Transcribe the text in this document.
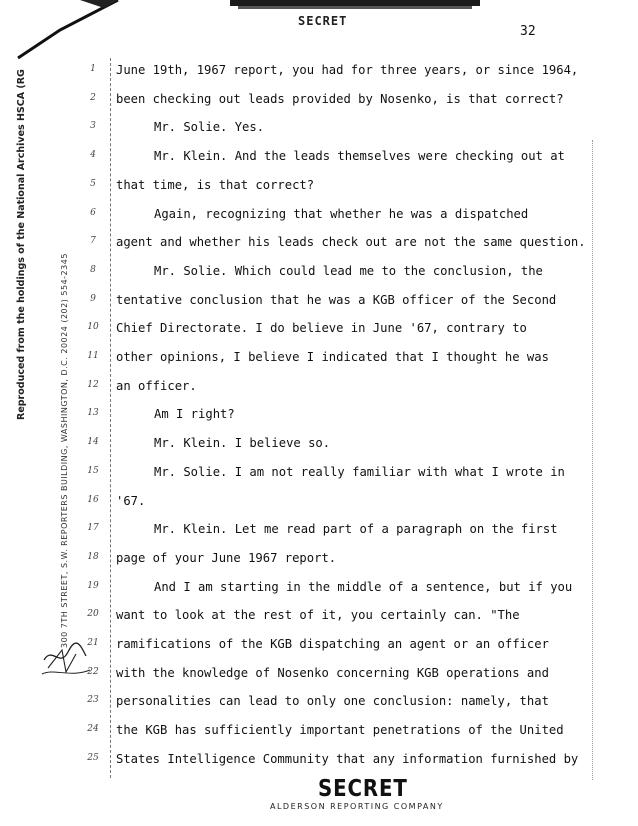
SECRET
32
Reproduced from the holdings of the National Archives HSCA (RG
300 7TH STREET, S.W. REPORTERS BUILDING, WASHINGTON, D.C. 20024 (202) 554-2345
1
2
3
4
5
6
7
8
9
10
11
12
13
14
15
16
17
18
19
20
21
22
23
24
25
June 19th, 1967 report, you had for three years, or since 1964,
been checking out leads provided by Nosenko, is that correct?
Mr. Solie. Yes.
Mr. Klein. And the leads themselves were checking out at
that time, is that correct?
Again, recognizing that whether he was a dispatched
agent and whether his leads check out are not the same question.
Mr. Solie. Which could lead me to the conclusion, the
tentative conclusion that he was a KGB officer of the Second
Chief Directorate. I do believe in June '67, contrary to
other opinions, I believe I indicated that I thought he was
an officer.
Am I right?
Mr. Klein. I believe so.
Mr. Solie. I am not really familiar with what I wrote in
'67.
Mr. Klein. Let me read part of a paragraph on the first
page of your June 1967 report.
And I am starting in the middle of a sentence, but if you
want to look at the rest of it, you certainly can. "The
ramifications of the KGB dispatching an agent or an officer
with the knowledge of Nosenko concerning KGB operations and
personalities can lead to only one conclusion: namely, that
the KGB has sufficiently important penetrations of the United
States Intelligence Community that any information furnished by
SECRET
ALDERSON REPORTING COMPANY
